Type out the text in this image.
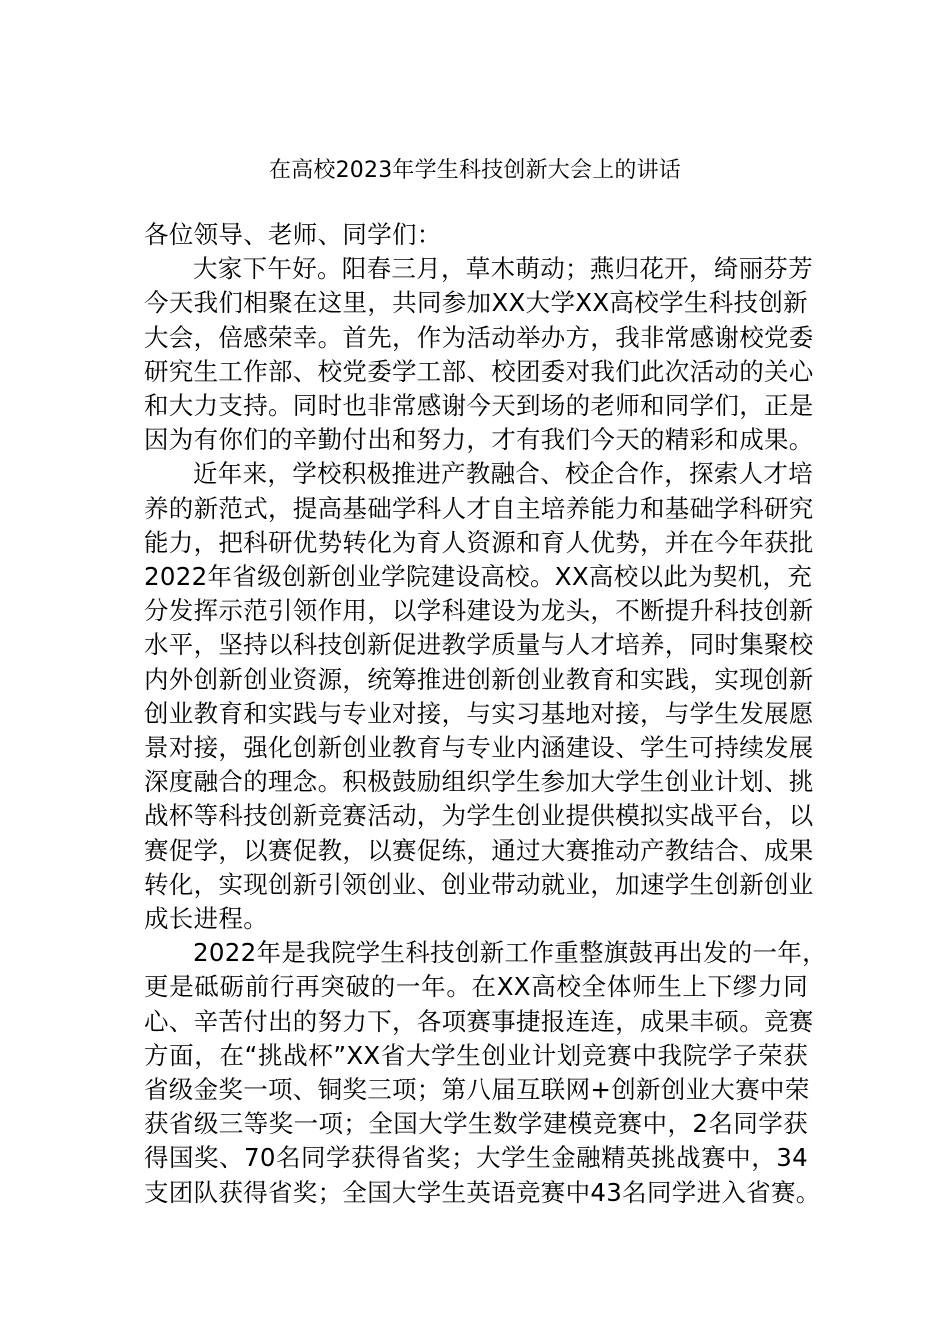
在高校2023年学生科技创新大会上的讲话

各位领导、老师、同学们：

大家下午好。阳春三月，草木萌动；燕归花开，绮丽芬芳
今天我们相聚在这里，共同参加XX大学XX高校学生科技创新
大会，倍感荣幸。首先，作为活动举办方，我非常感谢校党委
研究生工作部、校党委学工部、校团委对我们此次活动的关心
和大力支持。同时也非常感谢今天到场的老师和同学们，正是
因为有你们的辛勤付出和努力，才有我们今天的精彩和成果。
近年来，学校积极推进产教融合、校企合作，探索人才培
养的新范式，提高基础学科人才自主培养能力和基础学科研究
能力，把科研优势转化为育人资源和育人优势，并在今年获批
2022年省级创新创业学院建设高校。XX高校以此为契机，充
分发挥示范引领作用，以学科建设为龙头，不断提升科技创新
水平，坚持以科技创新促进教学质量与人才培养，同时集聚校
内外创新创业资源，统筹推进创新创业教育和实践，实现创新
创业教育和实践与专业对接，与实习基地对接，与学生发展愿
景对接，强化创新创业教育与专业内涵建设、学生可持续发展
深度融合的理念。积极鼓励组织学生参加大学生创业计划、挑
战杯等科技创新竞赛活动，为学生创业提供模拟实战平台，以
赛促学，以赛促教，以赛促练，通过大赛推动产教结合、成果
转化，实现创新引领创业、创业带动就业，加速学生创新创业
成长进程。
2022年是我院学生科技创新工作重整旗鼓再出发的一年，
更是砥砺前行再突破的一年。在XX高校全体师生上下缪力同
心、辛苦付出的努力下，各项赛事捷报连连，成果丰硕。竞赛
方面，在“挑战杯”XX省大学生创业计划竞赛中我院学子荣获
省级金奖一项、铜奖三项；第八届互联网+创新创业大赛中荣
获省级三等奖一项；全国大学生数学建模竞赛中，2名同学获
得国奖、70名同学获得省奖；大学生金融精英挑战赛中，34
支团队获得省奖；全国大学生英语竞赛中43名同学进入省赛。
